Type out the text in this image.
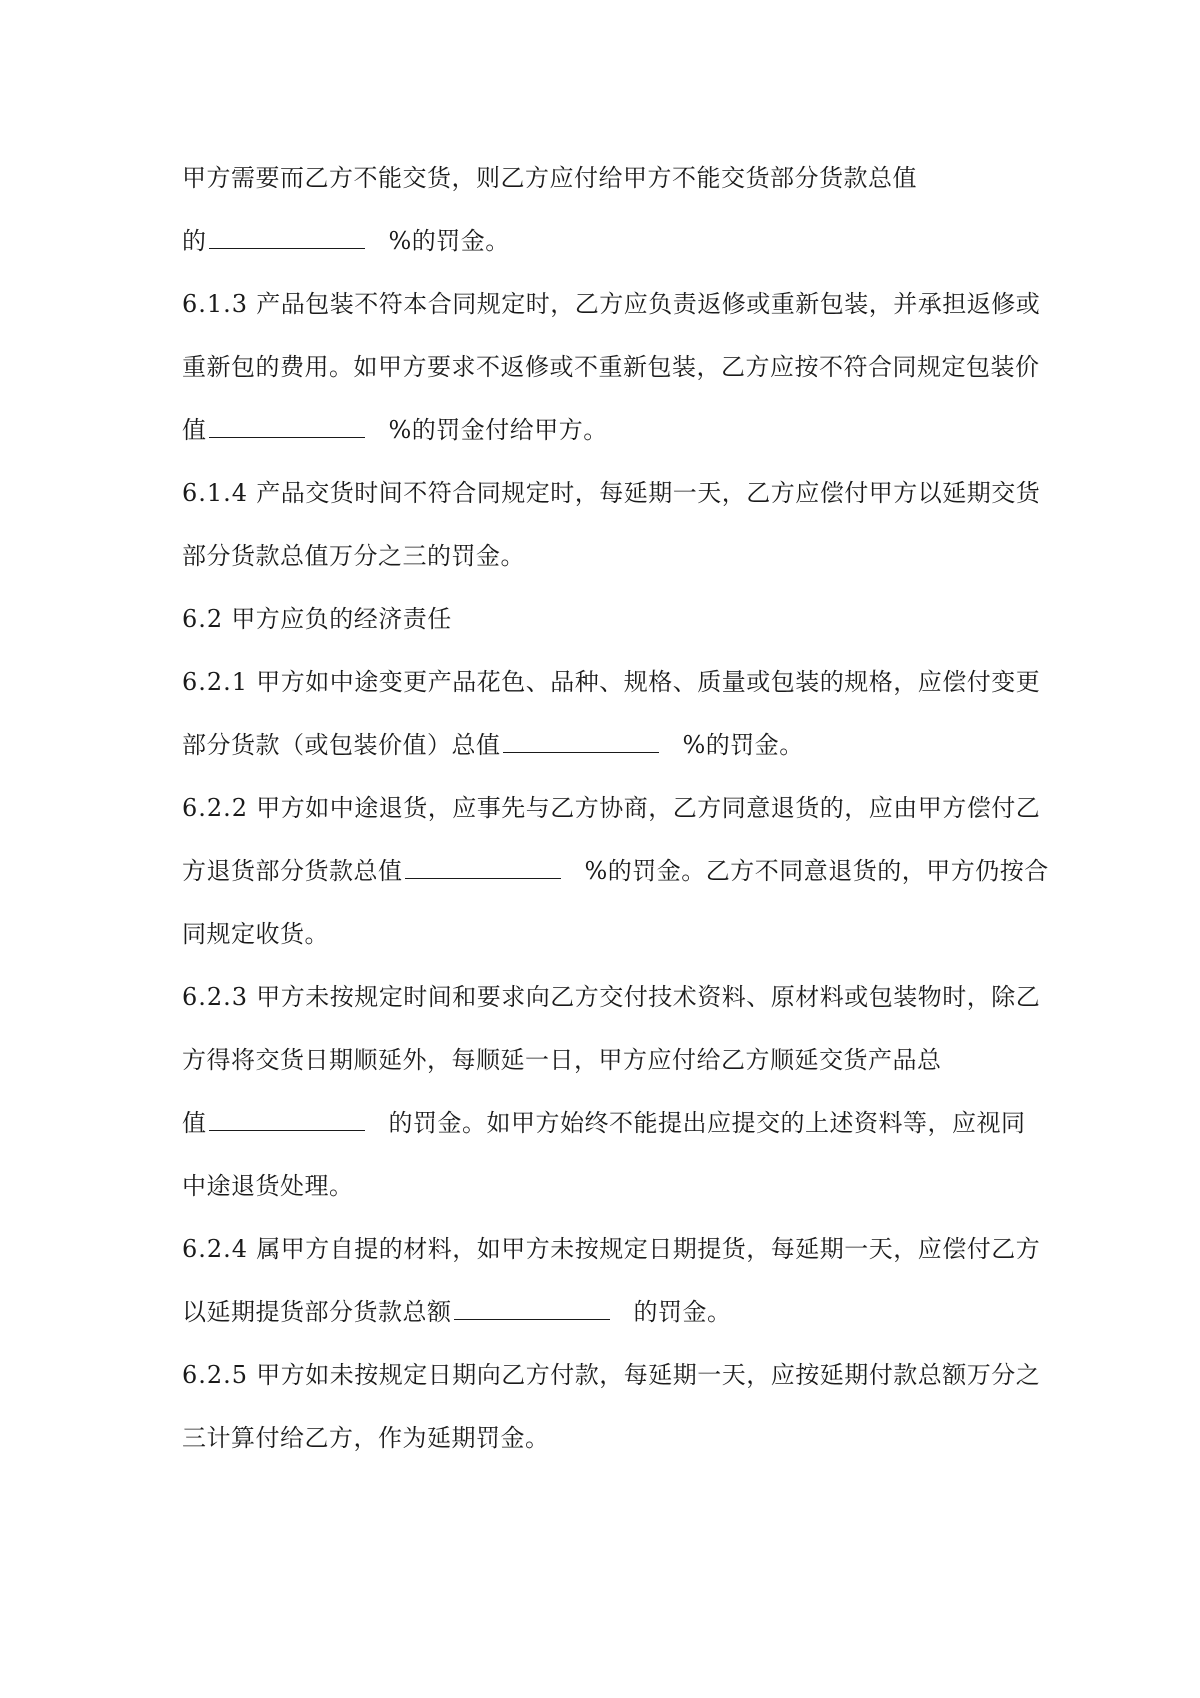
甲方需要而乙方不能交货，则乙方应付给甲方不能交货部分货款总值
的	%的罚金。
6.1.3 产品包装不符本合同规定时，乙方应负责返修或重新包装，并承担返修或
重新包的费用。如甲方要求不返修或不重新包装，乙方应按不符合同规定包装价
值	%的罚金付给甲方。
6.1.4 产品交货时间不符合同规定时，每延期一天，乙方应偿付甲方以延期交货
部分货款总值万分之三的罚金。
6.2 甲方应负的经济责任
6.2.1 甲方如中途变更产品花色、品种、规格、质量或包装的规格，应偿付变更
部分货款（或包装价值）总值	%的罚金。
6.2.2 甲方如中途退货，应事先与乙方协商，乙方同意退货的，应由甲方偿付乙
方退货部分货款总值	%的罚金。乙方不同意退货的，甲方仍按合
同规定收货。
6.2.3 甲方未按规定时间和要求向乙方交付技术资料、原材料或包装物时，除乙
方得将交货日期顺延外，每顺延一日，甲方应付给乙方顺延交货产品总
值	的罚金。如甲方始终不能提出应提交的上述资料等，应视同
中途退货处理。
6.2.4 属甲方自提的材料，如甲方未按规定日期提货，每延期一天，应偿付乙方
以延期提货部分货款总额	的罚金。
6.2.5 甲方如未按规定日期向乙方付款，每延期一天，应按延期付款总额万分之
三计算付给乙方，作为延期罚金。
